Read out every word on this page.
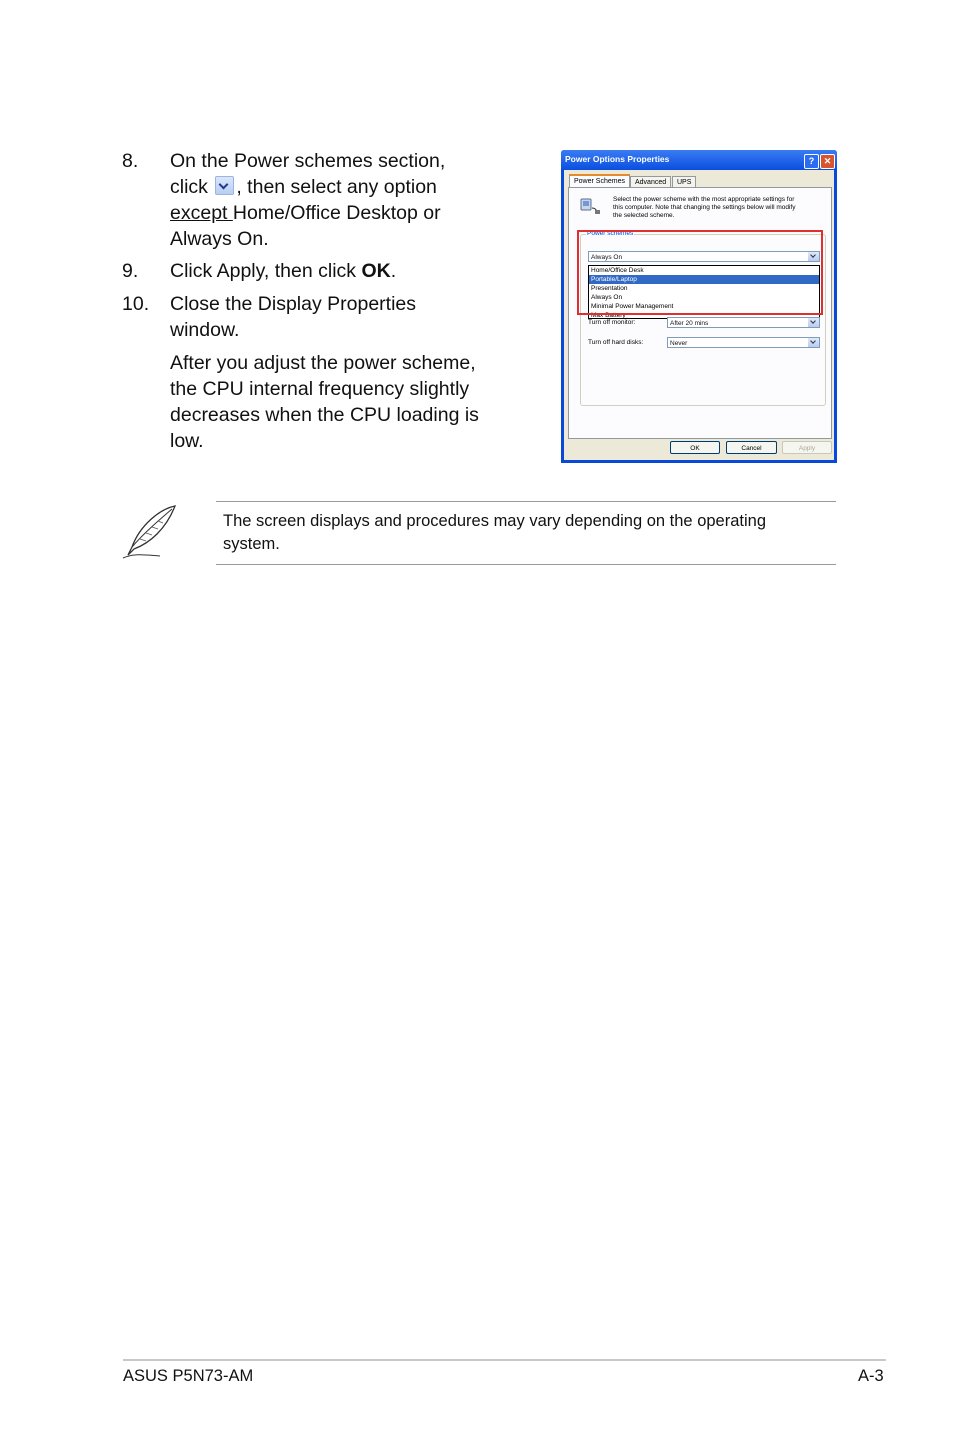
8. On the Power schemes section,
click , then select any option
except Home/Office Desktop or
Always On.
9. Click Apply, then click OK.
10. Close the Display Properties
window.
After you adjust the power scheme,
the CPU internal frequency slightly
decreases when the CPU loading is
low.
Power Options Properties	?	✕
Power Schemes	Advanced	UPS
Select the power scheme with the most appropriate settings for
this computer. Note that changing the settings below will modify
the selected scheme.
Power schemes
Always On
Home/Office Desk
Portable/Laptop
Presentation
Always On
Minimal Power Management
Max Battery
Turn off monitor:	After 20 mins
Turn off hard disks:	Never
OK	Cancel	Apply
The screen displays and procedures may vary depending on the operating
system.
ASUS P5N73-AM	A-3
